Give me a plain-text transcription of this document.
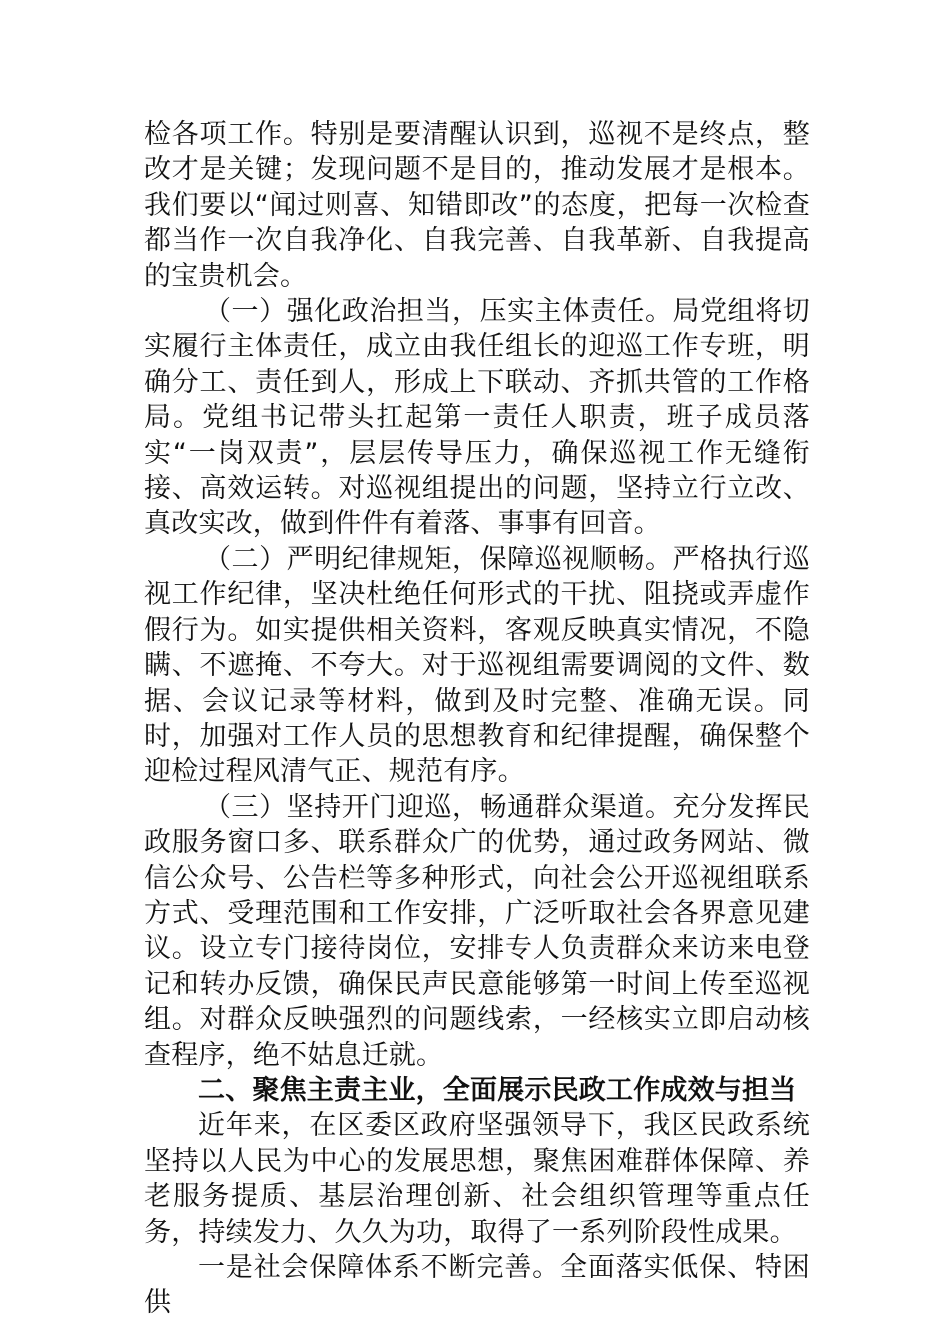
检各项工作。特别是要清醒认识到，巡视不是终点，整改才是关键；发现问题不是目的，推动发展才是根本。我们要以“闻过则喜、知错即改”的态度，把每一次检查都当作一次自我净化、自我完善、自我革新、自我提高的宝贵机会。

（一）强化政治担当，压实主体责任。局党组将切实履行主体责任，成立由我任组长的迎巡工作专班，明确分工、责任到人，形成上下联动、齐抓共管的工作格局。党组书记带头扛起第一责任人职责，班子成员落实“一岗双责”，层层传导压力，确保巡视工作无缝衔接、高效运转。对巡视组提出的问题，坚持立行立改、真改实改，做到件件有着落、事事有回音。

（二）严明纪律规矩，保障巡视顺畅。严格执行巡视工作纪律，坚决杜绝任何形式的干扰、阻挠或弄虚作假行为。如实提供相关资料，客观反映真实情况，不隐瞒、不遮掩、不夸大。对于巡视组需要调阅的文件、数据、会议记录等材料，做到及时完整、准确无误。同时，加强对工作人员的思想教育和纪律提醒，确保整个迎检过程风清气正、规范有序。

（三）坚持开门迎巡，畅通群众渠道。充分发挥民政服务窗口多、联系群众广的优势，通过政务网站、微信公众号、公告栏等多种形式，向社会公开巡视组联系方式、受理范围和工作安排，广泛听取社会各界意见建议。设立专门接待岗位，安排专人负责群众来访来电登记和转办反馈，确保民声民意能够第一时间上传至巡视组。对群众反映强烈的问题线索，一经核实立即启动核查程序，绝不姑息迁就。

二、聚焦主责主业，全面展示民政工作成效与担当

近年来，在区委区政府坚强领导下，我区民政系统坚持以人民为中心的发展思想，聚焦困难群体保障、养老服务提质、基层治理创新、社会组织管理等重点任务，持续发力、久久为功，取得了一系列阶段性成果。

一是社会保障体系不断完善。全面落实低保、特困供
